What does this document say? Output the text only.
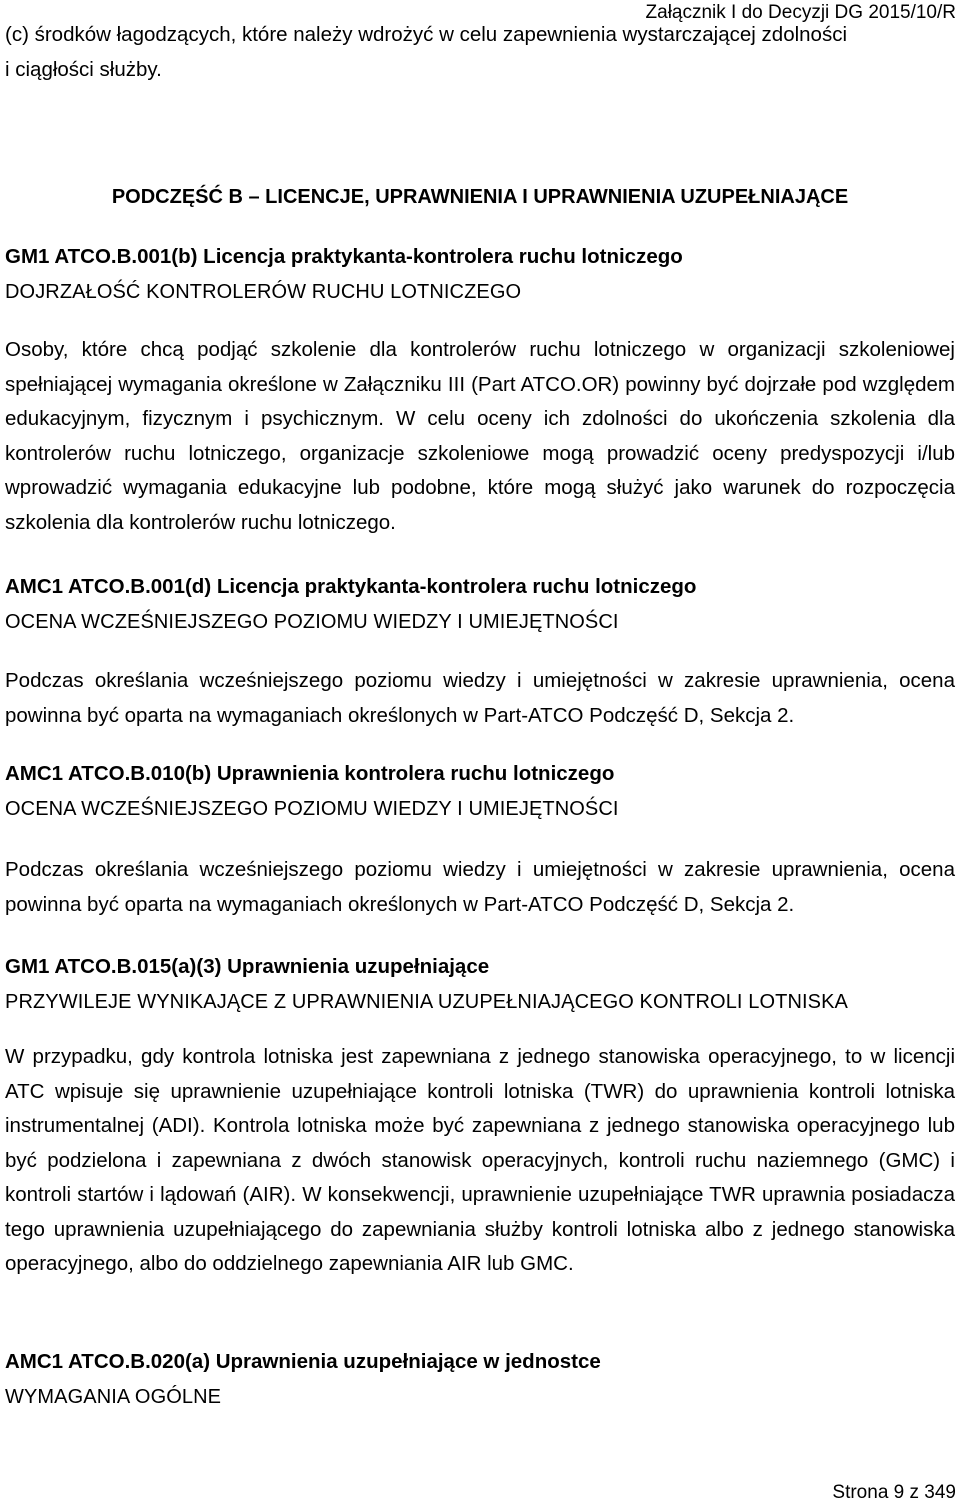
Załącznik I do Decyzji DG 2015/10/R
(c) środków łagodzących, które należy wdrożyć w celu zapewnienia wystarczającej zdolności
i ciągłości służby.
PODCZĘŚĆ B – LICENCJE, UPRAWNIENIA I UPRAWNIENIA UZUPEŁNIAJĄCE
GM1 ATCO.B.001(b) Licencja praktykanta-kontrolera ruchu lotniczego
DOJRZAŁOŚĆ KONTROLERÓW RUCHU LOTNICZEGO
Osoby, które chcą podjąć szkolenie dla kontrolerów ruchu lotniczego w organizacji szkoleniowej spełniającej wymagania określone w Załączniku III (Part ATCO.OR) powinny być dojrzałe pod względem edukacyjnym, fizycznym i psychicznym. W celu oceny ich zdolności do ukończenia szkolenia dla kontrolerów ruchu lotniczego, organizacje szkoleniowe mogą prowadzić oceny predyspozycji i/lub wprowadzić wymagania edukacyjne lub podobne, które mogą służyć jako warunek do rozpoczęcia szkolenia dla kontrolerów ruchu lotniczego.
AMC1 ATCO.B.001(d) Licencja praktykanta-kontrolera ruchu lotniczego
OCENA WCZEŚNIEJSZEGO POZIOMU WIEDZY I UMIEJĘTNOŚCI
Podczas określania wcześniejszego poziomu wiedzy i umiejętności w zakresie uprawnienia, ocena powinna być oparta na wymaganiach określonych w Part-ATCO Podczęść D, Sekcja 2.
AMC1 ATCO.B.010(b) Uprawnienia kontrolera ruchu lotniczego
OCENA WCZEŚNIEJSZEGO POZIOMU WIEDZY I UMIEJĘTNOŚCI
Podczas określania wcześniejszego poziomu wiedzy i umiejętności w zakresie uprawnienia, ocena powinna być oparta na wymaganiach określonych w Part-ATCO Podczęść D, Sekcja 2.
GM1 ATCO.B.015(a)(3) Uprawnienia uzupełniające
PRZYWILEJE WYNIKAJĄCE Z UPRAWNIENIA UZUPEŁNIAJĄCEGO KONTROLI LOTNISKA
W przypadku, gdy kontrola lotniska jest zapewniana z jednego stanowiska operacyjnego, to w licencji ATC wpisuje się uprawnienie uzupełniające kontroli lotniska (TWR) do uprawnienia kontroli lotniska instrumentalnej (ADI). Kontrola lotniska może być zapewniana z jednego stanowiska operacyjnego lub być podzielona i zapewniana z dwóch stanowisk operacyjnych, kontroli ruchu naziemnego (GMC) i kontroli startów i lądowań (AIR). W konsekwencji, uprawnienie uzupełniające TWR uprawnia posiadacza tego uprawnienia uzupełniającego do zapewniania służby kontroli lotniska albo z jednego stanowiska operacyjnego, albo do oddzielnego zapewniania AIR lub GMC.
AMC1 ATCO.B.020(a) Uprawnienia uzupełniające w jednostce
WYMAGANIA OGÓLNE
Strona 9 z 349
